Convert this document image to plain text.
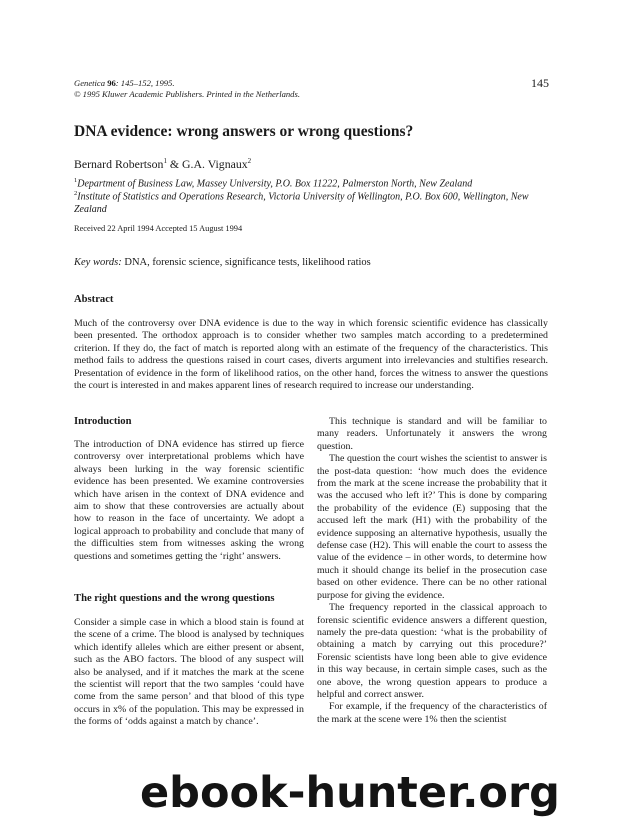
Genetica 96: 145–152, 1995.
© 1995 Kluwer Academic Publishers. Printed in the Netherlands.
145
DNA evidence: wrong answers or wrong questions?
Bernard Robertson$^1$ & G.A. Vignaux$^2$
$^1$Department of Business Law, Massey University, P.O. Box 11222, Palmerston North, New Zealand
$^2$Institute of Statistics and Operations Research, Victoria University of Wellington, P.O. Box 600, Wellington, New Zealand
Received 22 April 1994 Accepted 15 August 1994
Key words: DNA, forensic science, significance tests, likelihood ratios
Abstract

Much of the controversy over DNA evidence is due to the way in which forensic scientific evidence has classically been presented. The orthodox approach is to consider whether two samples match according to a predetermined criterion. If they do, the fact of match is reported along with an estimate of the frequency of the characteristics. This method fails to address the questions raised in court cases, diverts argument into irrelevancies and stultifies research. Presentation of evidence in the form of likelihood ratios, on the other hand, forces the witness to answer the questions the court is interested in and makes apparent lines of research required to increase our understanding.

Introduction

The introduction of DNA evidence has stirred up fierce controversy over interpretational problems which have always been lurking in the way forensic scientific evidence has been presented. We examine controversies which have arisen in the context of DNA evidence and aim to show that these controversies are actually about how to reason in the face of uncertainty. We adopt a logical approach to probability and conclude that many of the difficulties stem from witnesses asking the wrong questions and sometimes getting the ‘right’ answers.

The right questions and the wrong questions

Consider a simple case in which a blood stain is found at the scene of a crime. The blood is analysed by techniques which identify alleles which are either present or absent, such as the ABO factors. The blood of any suspect will also be analysed, and if it matches the mark at the scene the scientist will report that the two samples ‘could have come from the same person’ and that blood of this type occurs in x% of the population. This may be expressed in the forms of ‘odds against a match by chance’.

This technique is standard and will be familiar to many readers. Unfortunately it answers the wrong question.

The question the court wishes the scientist to answer is the post-data question: ‘how much does the evidence from the mark at the scene increase the probability that it was the accused who left it?’ This is done by comparing the probability of the evidence (E) supposing that the accused left the mark (H1) with the probability of the evidence supposing an alternative hypothesis, usually the defense case (H2). This will enable the court to assess the value of the evidence – in other words, to determine how much it should change its belief in the prosecution case based on other evidence. There can be no other rational purpose for giving the evidence.

The frequency reported in the classical approach to forensic scientific evidence answers a different question, namely the pre-data question: ‘what is the probability of obtaining a match by carrying out this procedure?’ Forensic scientists have long been able to give evidence in this way because, in certain simple cases, such as the one above, the wrong question appears to produce a helpful and correct answer.

For example, if the frequency of the characteristics of the mark at the scene were 1% then the scientist

ebook-hunter.org
